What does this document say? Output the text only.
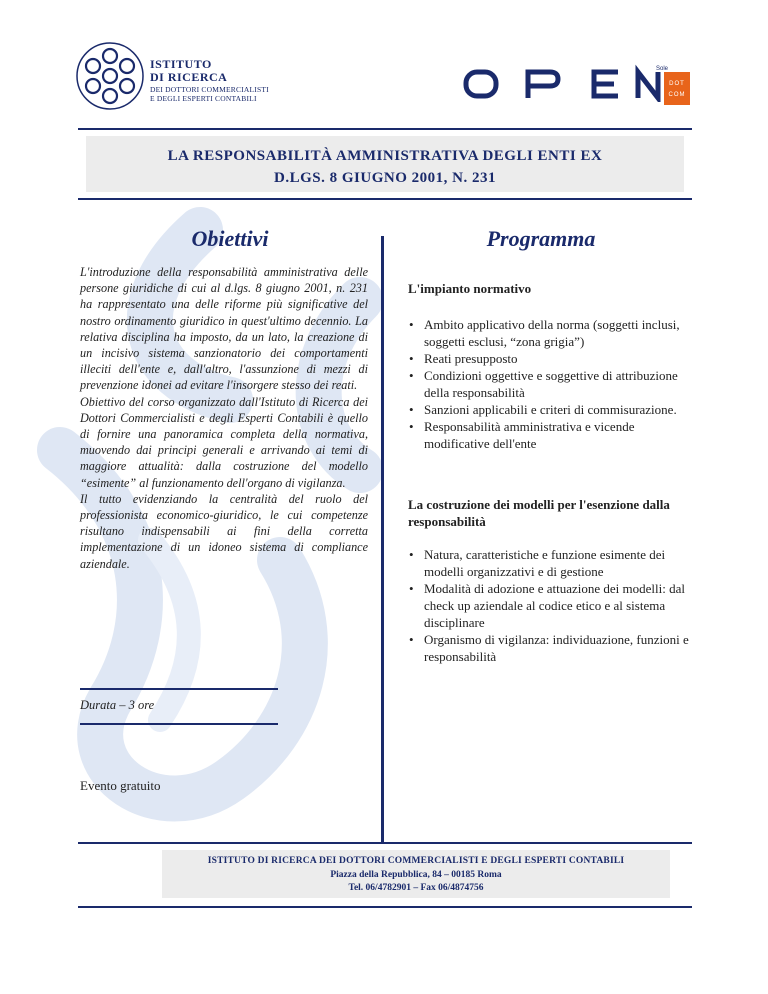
ISTITUTO
DI RICERCA
DEI DOTTORI COMMERCIALISTI
E DEGLI ESPERTI CONTABILI
Sole
DOT
COM
LA RESPONSABILITÀ AMMINISTRATIVA DEGLI ENTI EX
D.LGS. 8 GIUGNO 2001, N. 231
Obiettivi	Programma

L'introduzione della responsabilità amministrativa delle persone giuridiche di cui al d.lgs. 8 giugno 2001, n. 231 ha rappresentato una delle riforme più significative del nostro ordinamento giuridico in quest'ultimo decennio. La relativa disciplina ha imposto, da un lato, la creazione di un incisivo sistema sanzionatorio dei comportamenti illeciti dell'ente e, dall'altro, l'assunzione di mezzi di prevenzione idonei ad evitare l'insorgere stesso dei reati.

Obiettivo del corso organizzato dall'Istituto di Ricerca dei Dottori Commercialisti e degli Esperti Contabili è quello di fornire una panoramica completa della normativa, muovendo dai principi generali e arrivando ai temi di maggiore attualità: dalla costruzione del modello “esimente” al funzionamento dell'organo di vigilanza.

Il tutto evidenziando la centralità del ruolo del professionista economico-giuridico, le cui competenze risultano indispensabili ai fini della corretta implementazione di un idoneo sistema di compliance aziendale.

Durata – 3 ore
Evento gratuito
L'impianto normativo
• Ambito applicativo della norma (soggetti inclusi, soggetti esclusi, “zona grigia”)
• Reati presupposto
• Condizioni oggettive e soggettive di attribuzione della responsabilità
• Sanzioni applicabili e criteri di commisurazione.
• Responsabilità amministrativa e vicende modificative dell'ente
La costruzione dei modelli per l'esenzione dalla responsabilità
• Natura, caratteristiche e funzione esimente dei modelli organizzativi e di gestione
• Modalità di adozione e attuazione dei modelli: dal check up aziendale al codice etico e al sistema disciplinare
• Organismo di vigilanza: individuazione, funzioni e responsabilità
ISTITUTO DI RICERCA DEI DOTTORI COMMERCIALISTI E DEGLI ESPERTI CONTABILI
Piazza della Repubblica, 84 – 00185 Roma
Tel. 06/4782901 – Fax 06/4874756
